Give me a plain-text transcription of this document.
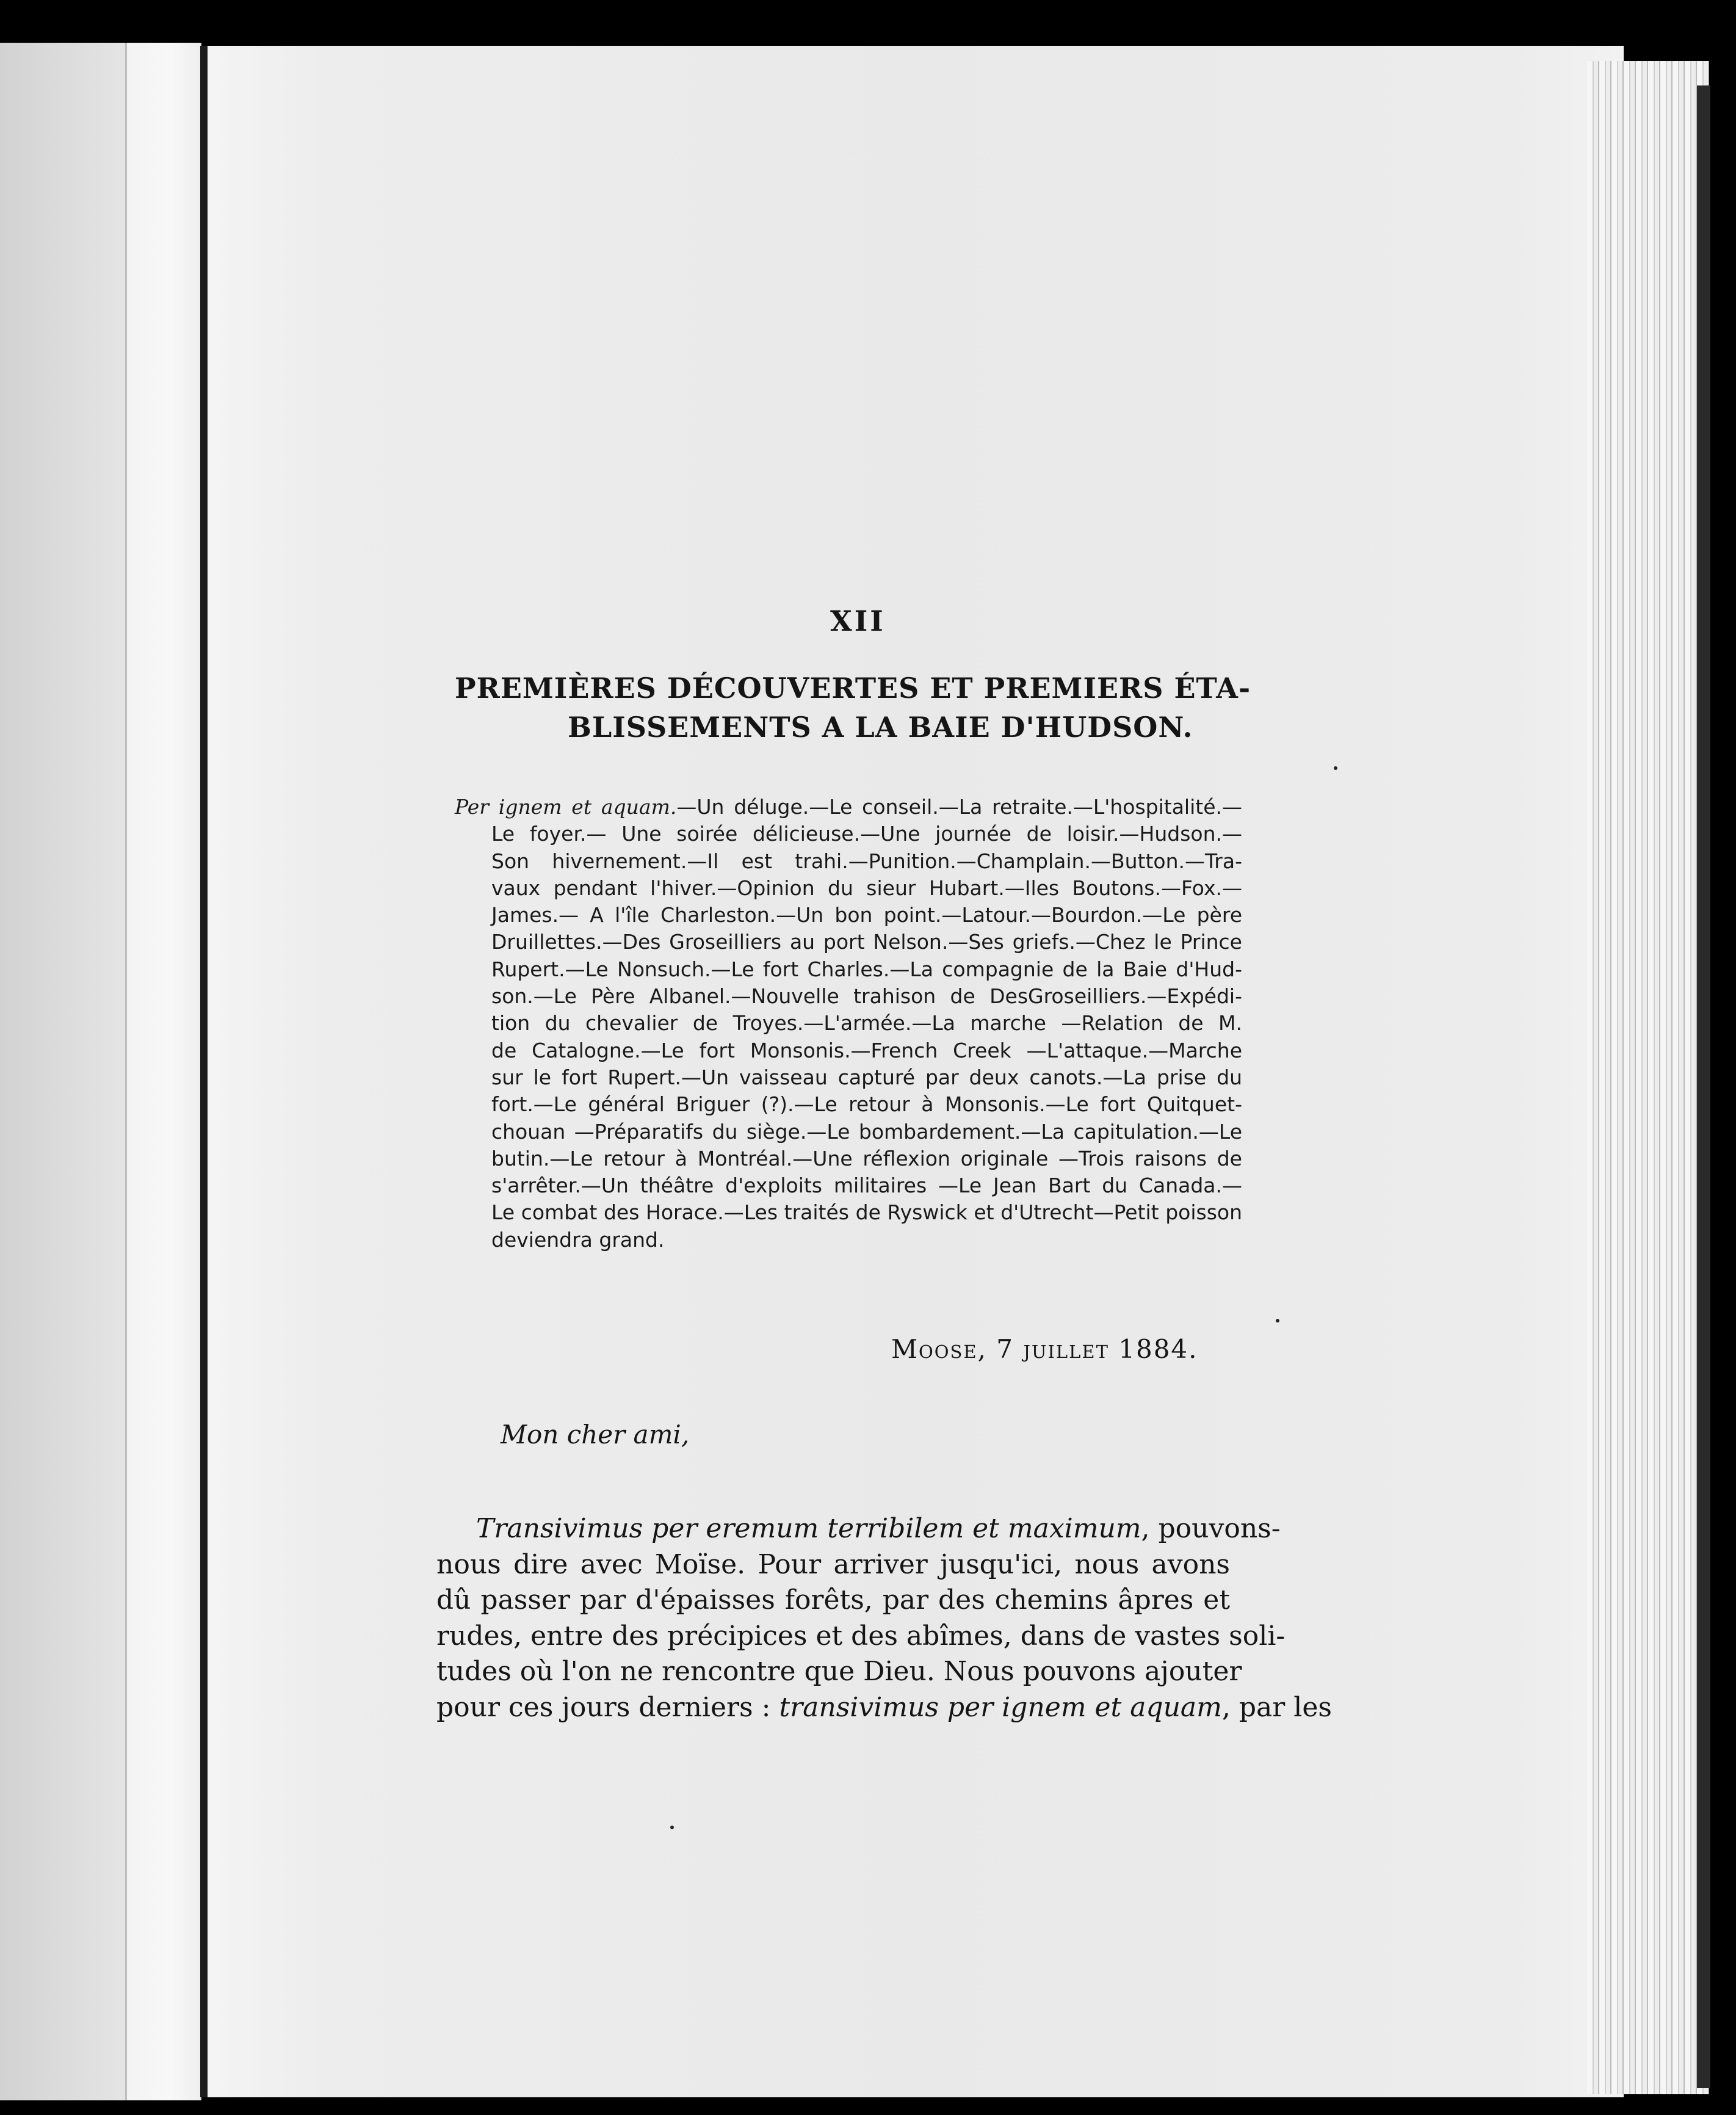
XII
PREMIÈRES DÉCOUVERTES ET PREMIERS ÉTA-
BLISSEMENTS A LA BAIE D'HUDSON.
Per ignem et aquam.—Un déluge.—Le conseil.—La retraite.—L'hospitalité.—
Le foyer.— Une soirée délicieuse.—Une journée de loisir.—Hudson.—
Son hivernement.—Il est trahi.—Punition.—Champlain.—Button.—Tra-
vaux pendant l'hiver.—Opinion du sieur Hubart.—Iles Boutons.—Fox.—
James.— A l'île Charleston.—Un bon point.—Latour.—Bourdon.—Le père
Druillettes.—Des Groseilliers au port Nelson.—Ses griefs.—Chez le Prince
Rupert.—Le Nonsuch.—Le fort Charles.—La compagnie de la Baie d'Hud-
son.—Le Père Albanel.—Nouvelle trahison de DesGroseilliers.—Expédi-
tion du chevalier de Troyes.—L'armée.—La marche —Relation de M.
de Catalogne.—Le fort Monsonis.—French Creek —L'attaque.—Marche
sur le fort Rupert.—Un vaisseau capturé par deux canots.—La prise du
fort.—Le général Briguer (?).—Le retour à Monsonis.—Le fort Quitquet-
chouan —Préparatifs du siège.—Le bombardement.—La capitulation.—Le
butin.—Le retour à Montréal.—Une réflexion originale —Trois raisons de
s'arrêter.—Un théâtre d'exploits militaires —Le Jean Bart du Canada.—
Le combat des Horace.—Les traités de Ryswick et d'Utrecht—Petit poisson
deviendra grand.
Moose, 7 juillet 1884.
Mon cher ami,
Transivimus per eremum terribilem et maximum, pouvons-
nous dire avec Moïse. Pour arriver jusqu'ici, nous avons
dû passer par d'épaisses forêts, par des chemins âpres et
rudes, entre des précipices et des abîmes, dans de vastes soli-
tudes où l'on ne rencontre que Dieu. Nous pouvons ajouter
pour ces jours derniers : transivimus per ignem et aquam, par les
